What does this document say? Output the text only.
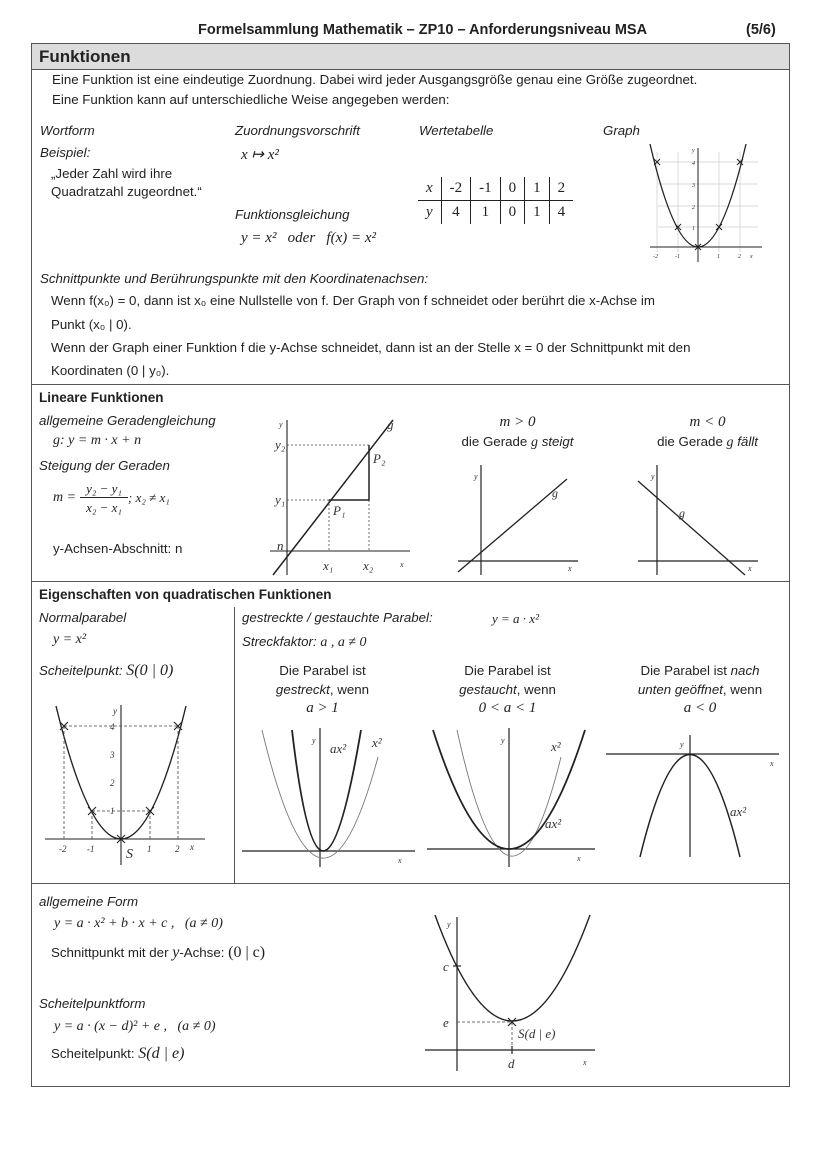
Formelsammlung Mathematik – ZP10 – Anforderungsniveau MSA	(5/6)
Funktionen
Eine Funktion ist eine eindeutige Zuordnung. Dabei wird jeder Ausgangsgröße genau eine Größe zugeordnet.
Eine Funktion kann auf unterschiedliche Weise angegeben werden:
Wortform
Beispiel:
„Jeder Zahl wird ihre
Quadratzahl zugeordnet.“
Zuordnungsvorschrift
x ↦ x²
Funktionsgleichung
y = x²   oder   f(x) = x²
Wertetabelle
x	-2	-1	0	1	2
y	4	1	0	1	4
Graph
-2	-1	1	2
1
2
3
4
x
y
Schnittpunkte und Berührungspunkte mit den Koordinatenachsen:
Wenn f(x₀) = 0, dann ist x₀ eine Nullstelle von f. Der Graph von f schneidet oder berührt die x-Achse im
Punkt (x₀ | 0).
Wenn der Graph einer Funktion f die y-Achse schneidet, dann ist an der Stelle x = 0 der Schnittpunkt mit den
Koordinaten (0 | y₀).
Lineare Funktionen
allgemeine Geradengleichung
g: y = m · x + n
Steigung der Geraden
m =
y₂ − y₁
x₂ − x₁
; x₂ ≠ x₁
y-Achsen-Abschnitt: n
g
y₂
y₁
P₁
P₂
n
x₁ x₂	x
y	m > 0
die Gerade g steigt
g
x
y
m < 0
die Gerade g fällt
g
x
y
Eigenschaften von quadratischen Funktionen
Normalparabel
y = x²
Scheitelpunkt: S(0 | 0)
-2 -1	1	2
1
2
3
4
x
y
S
gestreckte / gestauchte Parabel:	y = a · x²
Streckfaktor: a , a ≠ 0
Die Parabel ist
gestreckt, wenn
a > 1
Die Parabel ist
gestaucht, wenn
0 < a < 1
Die Parabel ist nach
unten geöffnet, wenn
a < 0
ax² x²
x
y	x²
ax²
x
y
ax²
x
y
allgemeine Form
y = a · x² + b · x + c ,   (a ≠ 0)
Schnittpunkt mit der y-Achse: (0 | c)
Scheitelpunktform
y = a · (x − d)² + e ,   (a ≠ 0)
Scheitelpunkt: S(d | e)
c
e
d
S(d | e)
x
y
